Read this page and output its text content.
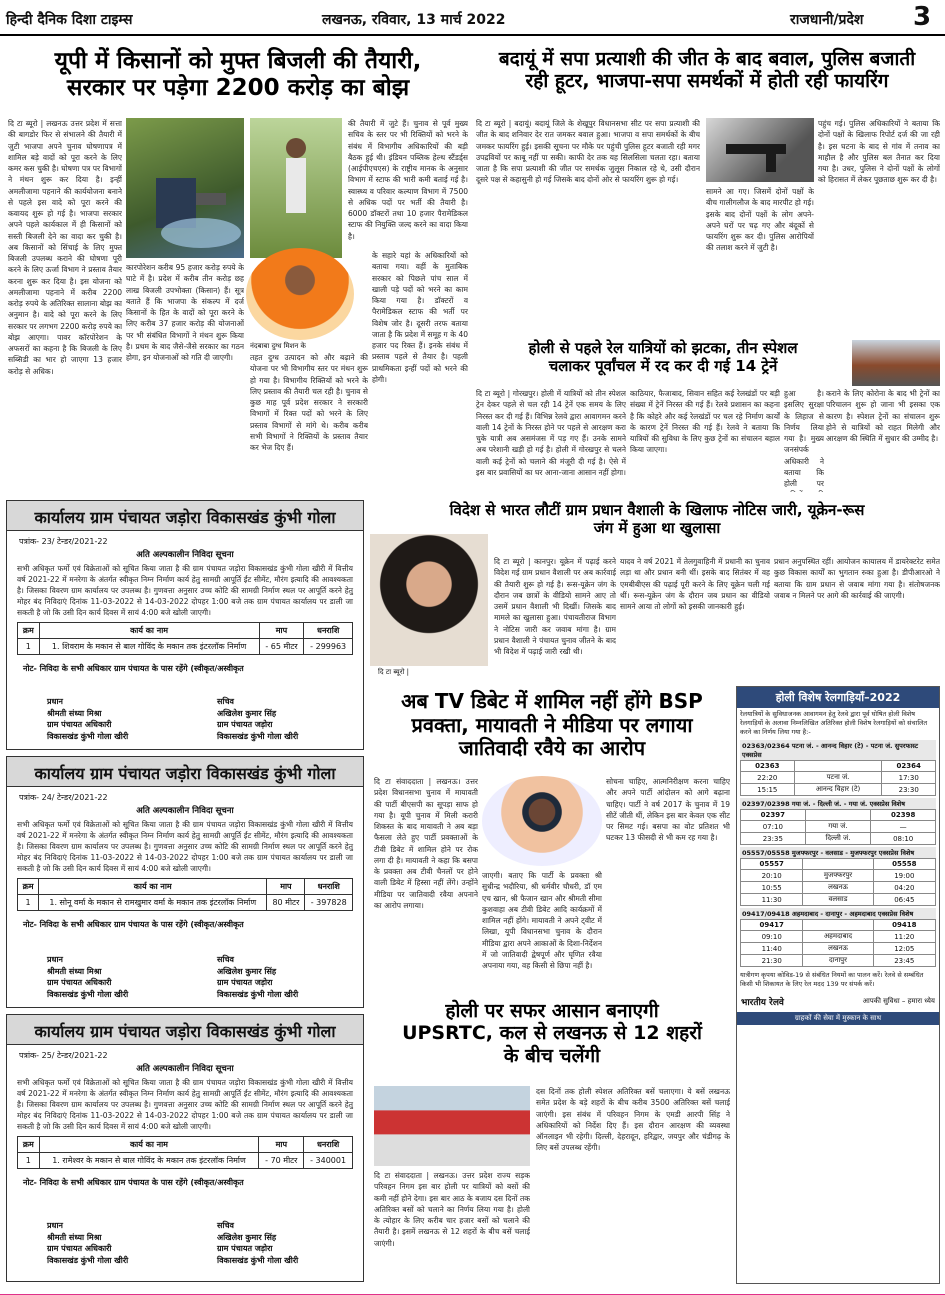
हिन्दी दैनिक दिशा टाइम्स	लखनऊ, रविवार, 13 मार्च 2022	राजधानी/प्रदेश 3
यूपी में किसानों को मुफ्त बिजली की तैयारी,
सरकार पर पड़ेगा 2200 करोड़ का बोझ
दि टा ब्यूरो | लखनऊ उत्तर प्रदेश में सत्ता की बागडोर फिर से संभालने की तैयारी में जुटी भाजपा अपने चुनाव घोषणापत्र में शामिल बड़े वादों को पूरा करने के लिए कमर कस चुकी है। घोषणा पत्र पर विभागों ने मंथन शुरू कर दिया है। इन्हीं अमलीजामा पहनाने की कार्ययोजना बनाने से पहले इस वादे को पूरा करने की कवायद शुरू हो गई है। भाजपा सरकार अपने पहले कार्यकाल में ही किसानों को सस्ती बिजली देने का वादा कर चुकी है। अब किसानों को सिंचाई के लिए मुफ्त बिजली उपलब्ध कराने की घोषणा पूरी करने के लिए ऊर्जा विभाग ने प्रस्ताव तैयार करना शुरू कर दिया है। इस योजना को अमलीजामा पहनाने में करीब 2200 करोड़ रुपये के अतिरिक्त सालाना बोझ का अनुमान है। वादे को पूरा करने के लिए सरकार पर लगभग 2200 करोड़ रुपये का बोझ आएगा। पावर कॉरपोरेशन के अफसरों का कहना है कि बिजली के लिए सब्सिडी का भार हो जाएगा 13 हजार करोड़ से अधिक।
कारपोरेशन करीब 95 हजार करोड़ रुपये के घाटे में है। प्रदेश में करीब तीन करोड़ छह लाख बिजली उपभोक्ता (किसान) हैं। सूत्र बताते हैं कि भाजपा के संकल्प में दर्ज किसानों के हित के वादों को पूरा करने के लिए करीब 37 हजार करोड़ की योजनाओं पर भी संबंधित विभागों ने मंथन शुरू किया है। प्रथम के बाद जैसे-जैसे सरकार का गठन होगा, इन योजनाओं को गति दी जाएगी।
की तैयारी में जुटे हैं। चुनाव से पूर्व मुख्य सचिव के स्तर पर भी रिक्तियों को भरने के संबंध में विभागीय अधिकारियों की बड़ी बैठक हुई थी। इंडियन पब्लिक हेल्थ स्टैंडर्ड्स (आईपीएचएस) के राष्ट्रीय मानक के अनुसार विभाग में स्टाफ की भारी कमी बताई गई है। स्वास्थ्य व परिवार कल्याण विभाग में 7500 से अधिक पदों पर भर्ती की तैयारी है। 6000 डॉक्टरों तथा 10 हजार पैरामेडिकल स्टाफ की नियुक्ति जल्द करने का वादा किया है।
नंदबाबा दुग्ध मिशन के
तहत दुग्ध उत्पादन को और बढ़ाने की योजना पर भी विभागीय स्तर पर मंथन शुरू हो गया है। विभागीय रिक्तियों को भरने के लिए प्रस्ताव की तैयारी चल रही है। चुनाव से कुछ माह पूर्व प्रदेश सरकार ने सरकारी विभागों में रिक्त पदों को भरने के लिए प्रस्ताव विभागों से मांगे थे। करीब करीब सभी विभागों ने रिक्तियों के प्रस्ताव तैयार कर भेज दिए हैं।
के सहारे यहां के अधिकारियों को बताया गया। वहीं के मुताबिक सरकार को पिछले पांच साल में खाली पड़े पदों को भरने का काम किया गया है। डॉक्टरों व पैरामेडिकल स्टाफ की भर्ती पर विशेष जोर है। दूसरी तरफ बताया जाता है कि प्रदेश में समूह ग के 40 हजार पद रिक्त हैं। इनके संबंध में प्रस्ताव पहले से तैयार है। पहली प्राथमिकता इन्हीं पदों को भरने की होगी।
बदायूं में सपा प्रत्याशी की जीत के बाद बवाल, पुलिस बजाती
रही हूटर, भाजपा-सपा समर्थकों में होती रही फायरिंग
दि टा ब्यूरो | बदायूं। बदायूं जिले के शेखूपुर विधानसभा सीट पर सपा प्रत्याशी की जीत के बाद शनिवार देर रात जमकर बवाल हुआ। भाजपा व सपा समर्थकों के बीच जमकर फायरिंग हुई। इसकी सूचना पर मौके पर पहुंची पुलिस हूटर बजाती रही मगर उपद्रवियों पर काबू नहीं पा सकी। काफी देर तक यह सिलसिला चलता रहा। बताया जाता है कि सपा प्रत्याशी की जीत पर समर्थक जुलूस निकाल रहे थे, उसी दौरान दूसरे पक्ष से कहासुनी हो गई जिसके बाद दोनों ओर से फायरिंग शुरू हो गई।
सामने आ गए। जिसमें दोनों पक्षों के बीच गालीगलौज के बाद मारपीट हो गई। इसके बाद दोनों पक्षों के लोग अपने-अपने घरों पर चढ़ गए और बंदूकों से फायरिंग शुरू कर दी। पुलिस आरोपियों की तलाश करने में जुटी है।
पहुंच गई। पुलिस अधिकारियों ने बताया कि दोनों पक्षों के खिलाफ रिपोर्ट दर्ज की जा रही है। इस घटना के बाद से गांव में तनाव का माहौल है और पुलिस बल तैनात कर दिया गया है। उधर, पुलिस ने दोनों पक्षों के लोगों को हिरासत में लेकर पूछताछ शुरू कर दी है।
होली से पहले रेल यात्रियों को झटका, तीन स्पेशल
चलाकर पूर्वांचल में रद कर दी गई 14 ट्रेनें
दि टा ब्यूरो | गोरखपुर। होली में यात्रियों को तीन स्पेशल ट्रेन देकर पहले से चल रही 14 ट्रेनें एक समय के लिए निरस्त कर दी गई हैं। विभिन्न रेलवे द्वारा आवागमन करने वाली 14 ट्रेनों के निरस्त होने पर पहले से आरक्षण करा चुके यात्री अब असमंजस में पड़ गए हैं। उनके सामने अब परेशानी खड़ी हो गई है। होली में गोरखपुर से चलने वाली कई ट्रेनों को चलाने की मंजूरी दी गई है। ऐसे में इस बार प्रवासियों का घर आना-जाना आसान नहीं होगा।
काठियार, फैजाबाद, सिवान सहित कई रेलखंडों पर बड़ी संख्या में ट्रेनें निरस्त की गई हैं। रेलवे प्रशासन का कहना है कि कोहरे और कई रेलखंडों पर चल रहे निर्माण कार्यों के कारण ट्रेनें निरस्त की गई हैं। रेलवे ने बताया कि यात्रियों की सुविधा के लिए कुछ ट्रेनों का संचालन बहाल किया जाएगा।
हुआ है। इसलिए सुरक्षा के लिहाज से निर्णय लिया गया है। मुख्य जनसंपर्क अधिकारी ने बताया कि होली पर
कराने के लिए कोरोना के बाद भी ट्रेनों का परिचालन शुरू हो जाना भी इसका एक कारण है। स्पेशल ट्रेनों का संचालन शुरू होने से यात्रियों को राहत मिलेगी और आरक्षण की स्थिति में सुधार की उम्मीद है।
कार्यालय ग्राम पंचायत जड़ोरा विकासखंड कुंभी गोला
पत्रांक- 23/ टेन्डर/2021-22
अति अल्पकालीन निविदा सूचना
सभी अधिकृत फर्मो एवं विक्रेताओं को सूचित किया जाता है की ग्राम पंचायत जड़ोरा विकासखंड कुंभी गोला खीरी में वित्तीय वर्ष 2021-22 में मनरेगा के अंतर्गत स्वीकृत निम्न निर्माण कार्य हेतु सामग्री आपूर्ति ईंट सीमेंट, मौरंग इत्यादि की आवश्यकता है। जिसका विवरण ग्राम कार्यालय पर उपलब्ध है। गुणवत्ता अनुसार उच्च कोटि की सामग्री निर्माण स्थल पर आपूर्ति करने हेतु मोहर बंद निविदाएं दिनांक 11-03-2022 से 14-03-2022 दोपहर 1:00 बजे तक ग्राम पंचायत कार्यालय पर डाली जा सकती है जो कि उसी दिन कार्य दिवस में सायं 4:00 बजे खोली जाएगी।
क्रम	कार्य का नाम	माप	धनराशि
1	1. शिवराम के मकान से बाल गोविंद के मकान तक इंटरलॉक निर्माण	- 65 मीटर	- 299963
नोट- निविदा के सभी अधिकार ग्राम पंचायत के पास रहेंगे (स्वीकृत/अस्वीकृत
प्रधान
श्रीमती संध्या मिश्रा
ग्राम पंचायत अधिकारी
विकासखंड कुंभी गोला खीरी
सचिव
अखिलेश कुमार सिंह
ग्राम पंचायत जड़ोरा
विकासखंड कुंभी गोला खीरी
कार्यालय ग्राम पंचायत जड़ोरा विकासखंड कुंभी गोला
पत्रांक- 24/ टेन्डर/2021-22
अति अल्पकालीन निविदा सूचना
सभी अधिकृत फर्मो एवं विक्रेताओं को सूचित किया जाता है की ग्राम पंचायत जड़ोरा विकासखंड कुंभी गोला खीरी में वित्तीय वर्ष 2021-22 में मनरेगा के अंतर्गत स्वीकृत निम्न निर्माण कार्य हेतु सामग्री आपूर्ति ईंट सीमेंट, मौरंग इत्यादि की आवश्यकता है। जिसका विवरण ग्राम कार्यालय पर उपलब्ध है। गुणवत्ता अनुसार उच्च कोटि की सामग्री निर्माण स्थल पर आपूर्ति करने हेतु मोहर बंद निविदाएं दिनांक 11-03-2022 से 14-03-2022 दोपहर 1:00 बजे तक ग्राम पंचायत कार्यालय पर डाली जा सकती है जो कि उसी दिन कार्य दिवस में सायं 4:00 बजे खोली जाएगी।
क्रम	कार्य का नाम	माप	धनराशि
1	1. सोनू वर्मा के मकान से रामखुमार वर्मा के मकान तक इंटरलॉक निर्माण	80 मीटर	- 397828
नोट- निविदा के सभी अधिकार ग्राम पंचायत के पास रहेंगे (स्वीकृत/अस्वीकृत
प्रधान
श्रीमती संध्या मिश्रा
ग्राम पंचायत अधिकारी
विकासखंड कुंभी गोला खीरी
सचिव
अखिलेश कुमार सिंह
ग्राम पंचायत जड़ोरा
विकासखंड कुंभी गोला खीरी
कार्यालय ग्राम पंचायत जड़ोरा विकासखंड कुंभी गोला
पत्रांक- 25/ टेन्डर/2021-22
अति अल्पकालीन निविदा सूचना
सभी अधिकृत फर्मो एवं विक्रेताओं को सूचित किया जाता है की ग्राम पंचायत जड़ोरा विकासखंड कुंभी गोला खीरी में वित्तीय वर्ष 2021-22 में मनरेगा के अंतर्गत स्वीकृत निम्न निर्माण कार्य हेतु सामग्री आपूर्ति ईंट सीमेंट, मौरंग इत्यादि की आवश्यकता है। जिसका विवरण ग्राम कार्यालय पर उपलब्ध है। गुणवत्ता अनुसार उच्च कोटि की सामग्री निर्माण स्थल पर आपूर्ति करने हेतु मोहर बंद निविदाएं दिनांक 11-03-2022 से 14-03-2022 दोपहर 1:00 बजे तक ग्राम पंचायत कार्यालय पर डाली जा सकती है जो कि उसी दिन कार्य दिवस में सायं 4:00 बजे खोली जाएगी।
क्रम	कार्य का नाम	माप	धनराशि
1	1. रामेश्वर के मकान से बाल गोविंद के मकान तक इंटरलॉक निर्माण	- 70 मीटर	- 340001
नोट- निविदा के सभी अधिकार ग्राम पंचायत के पास रहेंगे (स्वीकृत/अस्वीकृत
प्रधान
श्रीमती संध्या मिश्रा
ग्राम पंचायत अधिकारी
विकासखंड कुंभी गोला खीरी
सचिव
अखिलेश कुमार सिंह
ग्राम पंचायत जड़ोरा
विकासखंड कुंभी गोला खीरी
विदेश से भारत लौटीं ग्राम प्रधान वैशाली के खिलाफ नोटिस जारी, यूक्रेन-रूस
जंग में हुआ था खुलासा
दि टा ब्यूरो |
दि टा ब्यूरो | कानपुर। यूक्रेन में पढ़ाई करने विदेश गई ग्राम प्रधान वैशाली पर अब कार्रवाई की तैयारी शुरू हो गई है। रूस-यूक्रेन जंग के दौरान जब छात्रों के वीडियो सामने आए तो उसमें प्रधान वैशाली भी दिखीं। जिसके बाद मामले का खुलासा हुआ। पंचायतीराज विभाग ने नोटिस जारी कर जवाब मांगा है। ग्राम प्रधान वैशाली ने पंचायत चुनाव जीतने के बाद भी विदेश में पढ़ाई जारी रखी थी।
यादव ने वर्ष 2021 में तेलगुवाहिनी में प्रधानी का चुनाव लड़ा था और प्रधान बनी थीं। इसके बाद सितंबर में वह एमबीबीएस की पढ़ाई पूरी करने के लिए यूक्रेन चली गई थीं। रूस-यूक्रेन जंग के दौरान जब प्रधान का वीडियो सामने आया तो लोगों को इसकी जानकारी हुई।
प्रधान अनुपस्थित रहीं। आयोजन कायालय में डायरेक्टरेट समेत कुछ विकास कार्यों का भुगतान रुका हुआ है। डीपीआरओ ने बताया कि ग्राम प्रधान से जवाब मांगा गया है। संतोषजनक जवाब न मिलने पर आगे की कार्रवाई की जाएगी।
अब TV डिबेट में शामिल नहीं होंगे BSP
प्रवक्ता, मायावती ने मीडिया पर लगाया
जातिवादी रवैये का आरोप
दि टा संवाददाता | लखनऊ। उत्तर प्रदेश विधानसभा चुनाव में मायावती की पार्टी बीएसपी का सूपड़ा साफ हो गया है। यूपी चुनाव में मिली करारी शिकस्त के बाद मायावती ने अब बड़ा फैसला लेते हुए पार्टी प्रवक्ताओं के टीवी डिबेट में शामिल होने पर रोक लगा दी है। मायावती ने कहा कि बसपा के प्रवक्ता अब टीवी चैनलों पर होने वाली डिबेट में हिस्सा नहीं लेंगे। उन्होंने मीडिया पर जातिवादी रवैया अपनाने का आरोप लगाया।
जाएगी। बताए कि पार्टी के प्रवक्ता श्री सुधीन्द्र भदौरिया, श्री धर्मवीर चौधरी, डॉ एम एच खान, श्री फैजान खान और श्रीमती सीमा कुशवाहा अब टीवी डिबेट आदि कार्यक्रमों में शामिल नहीं होंगे। मायावती ने अपने ट्वीट में लिखा, यूपी विधानसभा चुनाव के दौरान मीडिया द्वारा अपने आकाओं के दिशा-निर्देशन में जो जातिवादी द्वेषपूर्ण और घृणित रवैया अपनाया गया, वह किसी से छिपा नहीं है।
सोचना चाहिए, आत्मनिरीक्षण करना चाहिए और अपने पार्टी आंदोलन को आगे बढ़ाना चाहिए। पार्टी ने वर्ष 2017 के चुनाव में 19 सीटें जीती थीं, लेकिन इस बार केवल एक सीट पर सिमट गई। बसपा का वोट प्रतिशत भी घटकर 13 फीसदी से भी कम रह गया है।
होली पर सफर आसान बनाएगी
UPSRTC, कल से लखनऊ से 12 शहरों
के बीच चलेंगी
दि टा संवाददाता | लखनऊ। उत्तर प्रदेश राज्य सड़क परिवहन निगम इस बार होली पर यात्रियों को बसों की कमी नहीं होने देगा। इस बार आठ के बजाय दस दिनों तक अतिरिक्त बसों को चलाने का निर्णय लिया गया है। होली के त्योहार के लिए करीब चार हजार बसों को चलाने की तैयारी है। इसमें लखनऊ से 12 शहरों के बीच बसें चलाई जाएंगी।
दस दिनों तक होली स्पेशल अतिरिक्त बसें चलाएगा। ये बसें लखनऊ समेत प्रदेश के बड़े शहरों के बीच करीब 3500 अतिरिक्त बसें चलाई जाएंगी। इस संबंध में परिवहन निगम के एमडी आरपी सिंह ने अधिकारियों को निर्देश दिए हैं। इस दौरान आरक्षण की व्यवस्था ऑनलाइन भी रहेगी। दिल्ली, देहरादून, हरिद्वार, जयपुर और चंडीगढ़ के लिए बसें उपलब्ध रहेंगी।
होली विशेष रेलगाड़ियाँ–2022
रेलयात्रियों के सुविधाजनक आवागमन हेतु रेलवे द्वारा पूर्व घोषित होली विशेष रेलगाड़ियों के अलावा निम्नलिखित अतिरिक्त होली विशेष रेलगाड़ियों को संचालित करने का निर्णय लिया गया है:-
02363/02364 पटना जं. - आनन्द विहार (टे) - पटना जं. सुपरफास्ट एक्सप्रेस
02363		02364
22:20	पटना जं.	17:30
15:15	आनन्द विहार (टे)	23:30
02397/02398 गया जं. - दिल्ली जं. - गया जं. एक्सप्रेस विशेष
02397		02398
07:10	गया जं.	—
23:35	दिल्ली जं.	08:10
05557/05558 मुजफ्फरपुर - वलसाड - मुजफ्फरपुर एक्सप्रेस विशेष
05557		05558
20:10	मुजफ्फरपुर	19:00
10:55	लखनऊ	04:20
11:30	वलसाड	06:45
09417/09418 अहमदाबाद - दानापुर - अहमदाबाद एक्सप्रेस विशेष
09417		09418
09:10	अहमदाबाद	11:20
11:40	लखनऊ	12:05
21:30	दानापुर	23:45
यात्रीगण कृपया कोविड-19 से संबंधित नियमों का पालन करें। रेलवे से सम्बंधित किसी भी शिकायत के लिए रेल मदद 139 पर संपर्क करें।
भारतीय रेलवे	आपकी सुविधा – हमारा ध्येय
ग्राहकों की सेवा में मुस्कान के साथ
